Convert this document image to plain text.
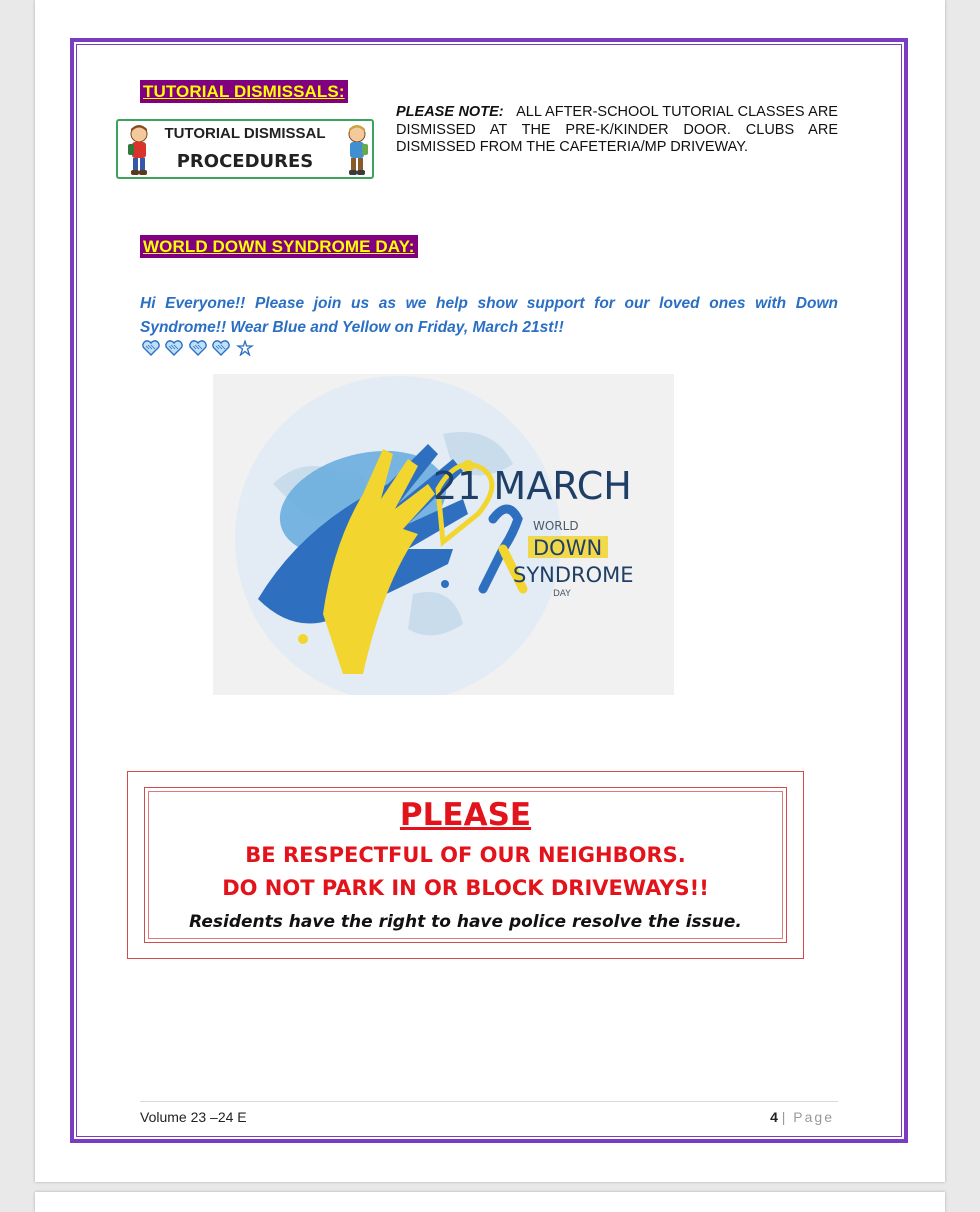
TUTORIAL DISMISSALS:
TUTORIAL DISMISSAL
PROCEDURES
PLEASE NOTE: ALL AFTER-SCHOOL TUTORIAL CLASSES ARE DISMISSED AT THE PRE-K/KINDER DOOR. CLUBS ARE DISMISSED FROM THE CAFETERIA/MP DRIVEWAY.
WORLD DOWN SYNDROME DAY:
Hi Everyone!! Please join us as we help show support for our loved ones with Down Syndrome!! Wear Blue and Yellow on Friday, March 21st!!

21 MARCH
WORLD
DOWN
SYNDROME
DAY
PLEASE
BE RESPECTFUL OF OUR NEIGHBORS.
DO NOT PARK IN OR BLOCK DRIVEWAYS!!
Residents have the right to have police resolve the issue.
Volume 23 –24 E	4 | Page
